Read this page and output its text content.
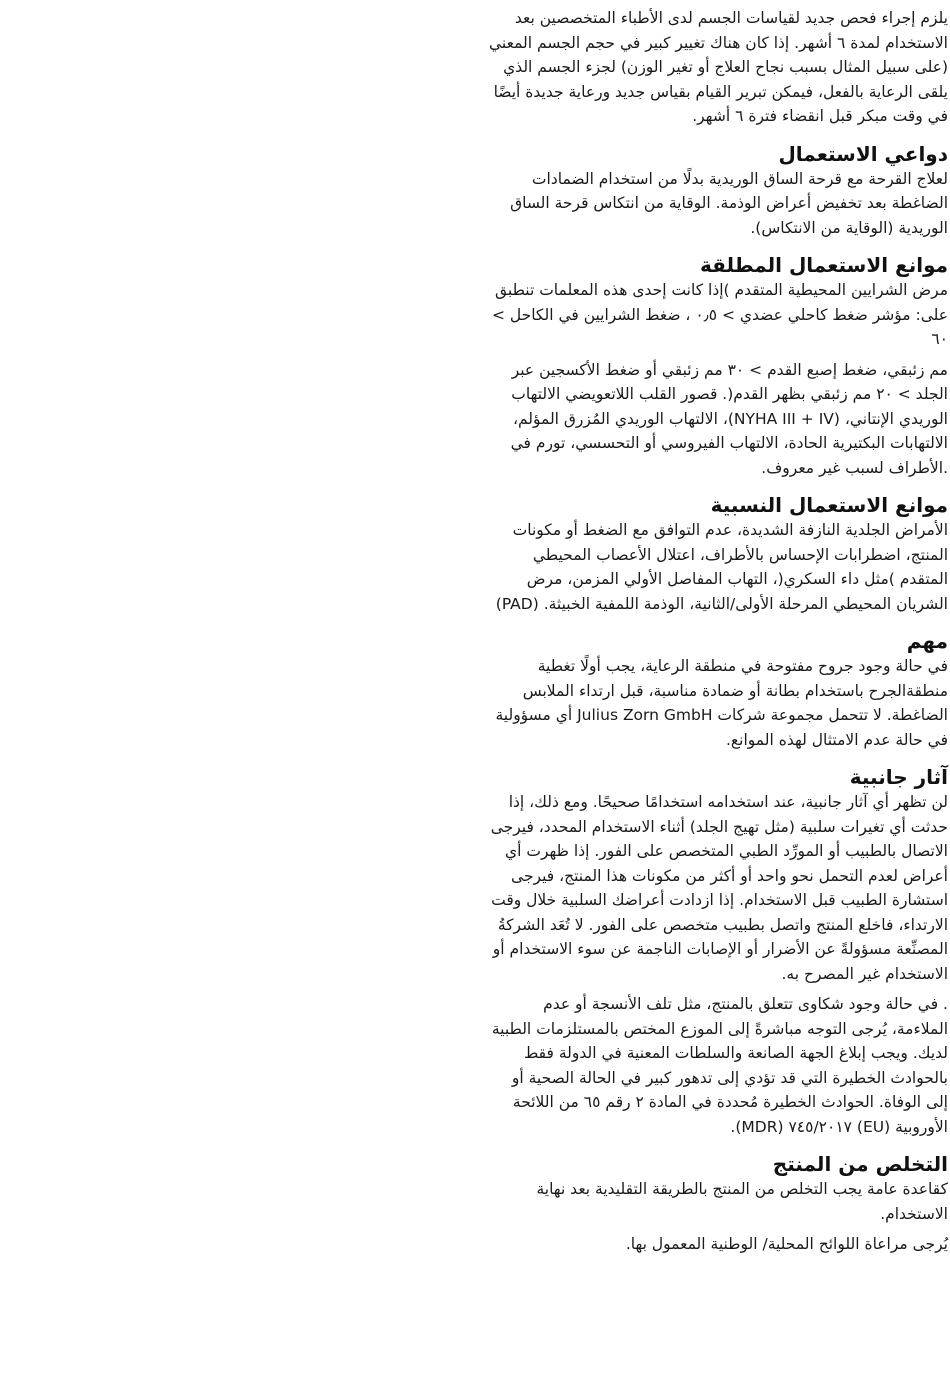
يلزم إجراء فحص جديد لقياسات الجسم لدى الأطباء المتخصصين بعد الاستخدام لمدة ٦ أشهر. إذا كان هناك تغيير كبير في حجم الجسم المعني (على سبيل المثال بسبب نجاح العلاج أو تغير الوزن) لجزء الجسم الذي يلقى الرعاية بالفعل، فيمكن تبرير القيام بقياس جديد ورعاية جديدة أيضًا في وقت مبكر قبل انقضاء فترة ٦ أشهر.

دواعي الاستعمال

لعلاج القرحة مع قرحة الساق الوريدية بدلًا من استخدام الضمادات الضاغطة بعد تخفيض أعراض الوذمة. الوقاية من انتكاس قرحة الساق الوريدية (الوقاية من الانتكاس).

موانع الاستعمال المطلقة

مرض الشرايين المحيطية المتقدم )إذا كانت إحدى هذه المعلمات تنطبق على: مؤشر ضغط كاحلي عضدي > ٠٫٥ ، ضغط الشرايين في الكاحل > ٦٠

مم زئبقي، ضغط إصبع القدم > ٣٠ مم زئبقي أو ضغط الأكسجين عبر الجلد > ٢٠ مم زئبقي بظهر القدم(. قصور القلب اللاتعويضي الالتهاب الوريدي الإنتاني، (NYHA III + IV)، الالتهاب الوريدي المُزرق المؤلم، الالتهابات البكتيرية الحادة، الالتهاب الفيروسي أو التحسسي، تورم في .الأطراف لسبب غير معروف.

موانع الاستعمال النسبية

الأمراض الجلدية النازفة الشديدة، عدم التوافق مع الضغط أو مكونات المنتج، اضطرابات الإحساس بالأطراف، اعتلال الأعصاب المحيطي المتقدم )مثل داء السكري(، التهاب المفاصل الأولي المزمن، مرض الشريان المحيطي المرحلة الأولى/الثانية، الوذمة اللمفية الخبيثة. (PAD)

مهم

في حالة وجود جروح مفتوحة في منطقة الرعاية، يجب أولًا تغطية منطقةالجرح باستخدام بطانة أو ضمادة مناسبة، قبل ارتداء الملابس الضاغطة. لا تتحمل مجموعة شركات Julius Zorn GmbH أي مسؤولية في حالة عدم الامتثال لهذه الموانع.

آثار جانبية

لن تظهر أي آثار جانبية، عند استخدامه استخدامًا صحيحًا. ومع ذلك، إذا حدثت أي تغيرات سلبية (مثل تهيج الجلد) أثناء الاستخدام المحدد، فيرجى الاتصال بالطبيب أو المورِّد الطبي المتخصص على الفور. إذا ظهرت أي أعراض لعدم التحمل نحو واحد أو أكثر من مكونات هذا المنتج، فيرجى استشارة الطبيب قبل الاستخدام. إذا ازدادت أعراضك السلبية خلال وقت الارتداء، فاخلع المنتج واتصل بطبيب متخصص على الفور. لا تُعَد الشركةُ المصنِّعة مسؤولةً عن الأضرار أو الإصابات الناجمة عن سوء الاستخدام أو الاستخدام غير المصرح به.

. في حالة وجود شكاوى تتعلق بالمنتج، مثل تلف الأنسجة أو عدم الملاءمة، يُرجى التوجه مباشرةً إلى الموزع المختص بالمستلزمات الطبية لديك. ويجب إبلاغ الجهة الصانعة والسلطات المعنية في الدولة فقط بالحوادث الخطيرة التي قد تؤدي إلى تدهور كبير في الحالة الصحية أو إلى الوفاة. الحوادث الخطيرة مُحددة في المادة ٢ رقم ٦٥ من اللائحة الأوروبية (EU) ٧٤٥/٢٠١٧ (MDR).

التخلص من المنتج

كقاعدة عامة يجب التخلص من المنتج بالطريقة التقليدية بعد نهاية الاستخدام.

يُرجى مراعاة اللوائح المحلية/ الوطنية المعمول بها.
